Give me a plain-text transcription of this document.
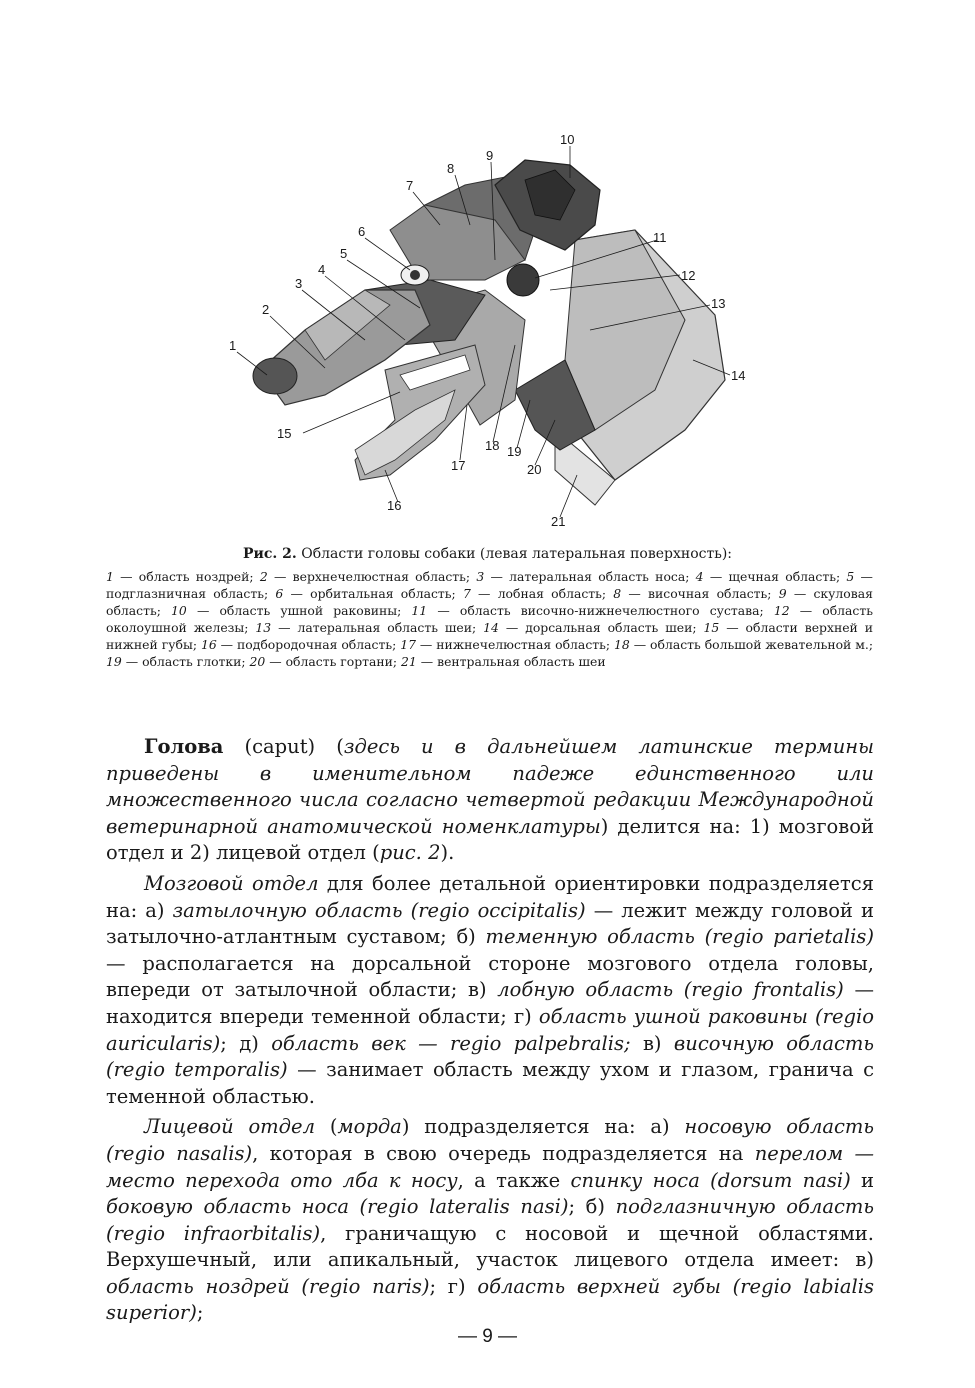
1
2
3
4
5
6
7
8
9
10
11
12
13
14
15
16
17
18 19
20
21
Рис. 2. Области головы собаки (левая латеральная поверхность):
1 — область ноздрей; 2 — верхнечелюстная область; 3 — латеральная область носа; 4 — щечная область; 5 — подглазничная область; 6 — орбитальная область; 7 — лобная область; 8 — височная область; 9 — скуловая область; 10 — область ушной раковины; 11 — область височно-нижнечелюстного сустава; 12 — область околоушной железы; 13 — латеральная область шеи; 14 — дорсальная область шеи; 15 — области верхней и нижней губы; 16 — подбородочная область; 17 — нижнечелюстная область; 18 — область большой жевательной м.; 19 — область глотки; 20 — область гортани; 21 — вентральная область шеи

Голова (caput) (здесь и в дальнейшем латинские термины приведены в именительном падеже единственного или множественного числа согласно четвертой редакции Международной ветеринарной анатомической номенклатуры) делится на: 1) мозговой отдел и 2) лицевой отдел (рис. 2).

Мозговой отдел для более детальной ориентировки подразделяется на: а) затылочную область (regio occipitalis) — лежит между головой и затылочно-атлантным суставом; б) теменную область (regio parietalis) — располагается на дорсальной стороне мозгового отдела головы, впереди от затылочной области; в) лобную область (regio frontalis) — находится впереди теменной области; г) область ушной раковины (regio auricularis); д) область век — regio palpebralis; в) височную область (regio temporalis) — занимает область между ухом и глазом, граничa с теменной областью.

Лицевой отдел (морда) подразделяется на: а) носовую область (regio nasalis), которая в свою очередь подразделяется на перелом — место перехода ото лба к носу, а также спинку носа (dorsum nasi) и боковую область носа (regio lateralis nasi); б) подглазничную область (regio infraorbitalis), граничащую с носовой и щечной областями. Верхушечный, или апикальный, участок лицевого отдела имеет: в) область ноздрей (regio naris); г) область верхней губы (regio labialis superior);

— 9 —
